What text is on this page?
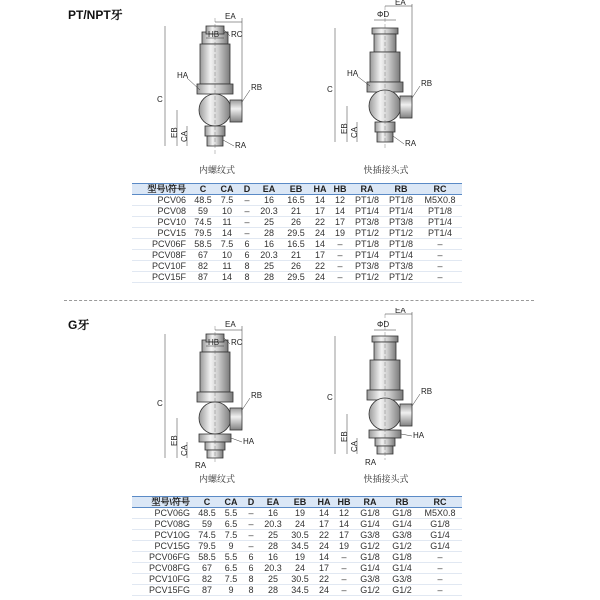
PT/NPT牙	EA
HB RC
HA
RB
C
EB CA
RA
内螺纹式
EA
ΦD
HA
RB
C
EB CA
RA
快插接头式
型号\符号	C	CA	D	EA	EB	HA	HB	RA	RB	RC
PCV06	48.5	7.5	–	16	16.5	14	12	PT1/8	PT1/8	M5X0.8
PCV08	59	10	–	20.3	21	17	14	PT1/4	PT1/4	PT1/8
PCV10	74.5	11	–	25	26	22	17	PT3/8	PT3/8	PT1/4
PCV15	79.5	14	–	28	29.5	24	19	PT1/2	PT1/2	PT1/4
PCV06F	58.5	7.5	6	16	16.5	14	–	PT1/8	PT1/8	–
PCV08F	67	10	6	20.3	21	17	–	PT1/4	PT1/4	–
PCV10F	82	11	8	25	26	22	–	PT3/8	PT3/8	–
PCV15F	87	14	8	28	29.5	24	–	PT1/2	PT1/2	–
G牙	EA
HB RC
RB
HA
C
EB
CA
RA
内螺纹式
EA
ΦD
RB
HA
C
EB
CA
RA
快插接头式
型号\符号	C	CA	D	EA	EB	HA	HB	RA	RB	RC
PCV06G	48.5	5.5	–	16	19	14	12	G1/8	G1/8	M5X0.8
PCV08G	59	6.5	–	20.3	24	17	14	G1/4	G1/4	G1/8
PCV10G	74.5	7.5	–	25	30.5	22	17	G3/8	G3/8	G1/4
PCV15G	79.5	9	–	28	34.5	24	19	G1/2	G1/2	G1/4
PCV06FG	58.5	5.5	6	16	19	14	–	G1/8	G1/8	–
PCV08FG	67	6.5	6	20.3	24	17	–	G1/4	G1/4	–
PCV10FG	82	7.5	8	25	30.5	22	–	G3/8	G3/8	–
PCV15FG	87	9	8	28	34.5	24	–	G1/2	G1/2	–
